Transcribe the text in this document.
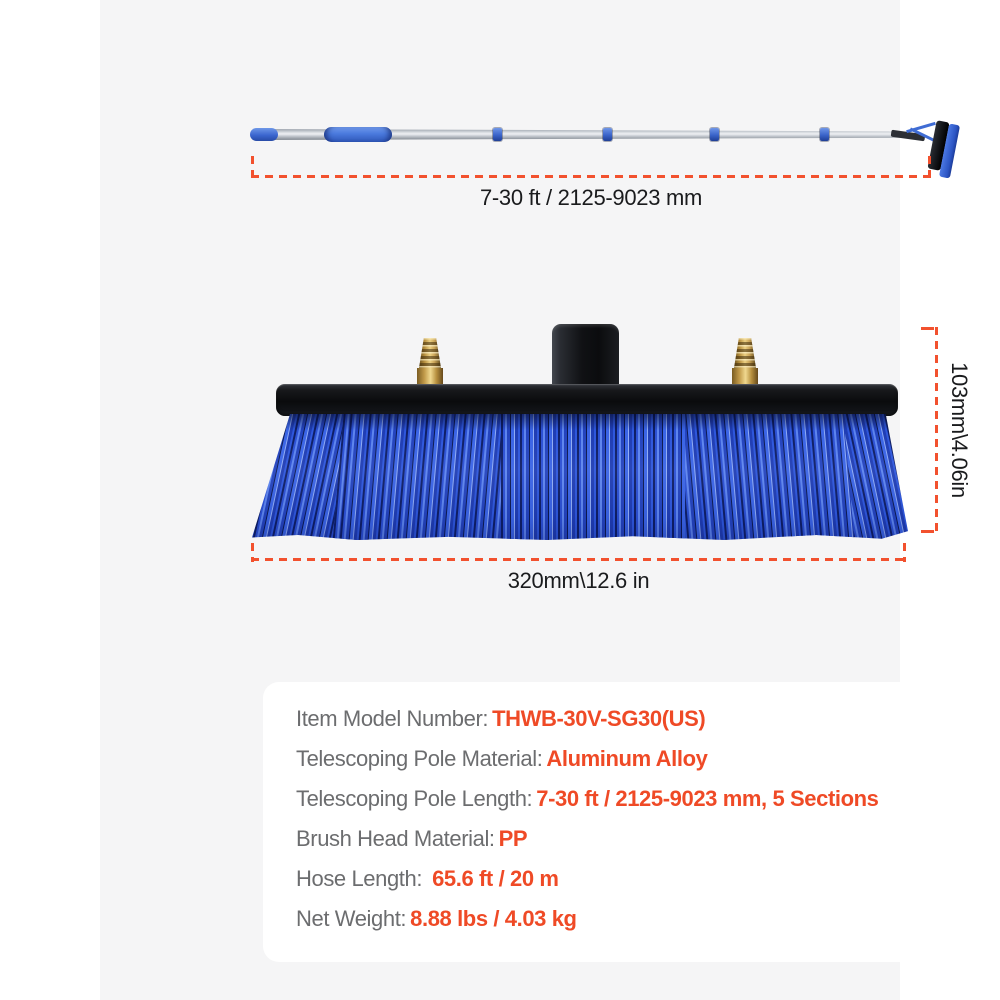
7-30 ft / 2125-9023 mm
103mm\4.06in
320mm\12.6 in
Item Model Number: THWB-30V-SG30(US)
Telescoping Pole Material: Aluminum Alloy
Telescoping Pole Length: 7-30 ft / 2125-9023 mm, 5 Sections
Brush Head Material: PP
Hose Length: 65.6 ft / 20 m
Net Weight: 8.88 lbs / 4.03 kg
